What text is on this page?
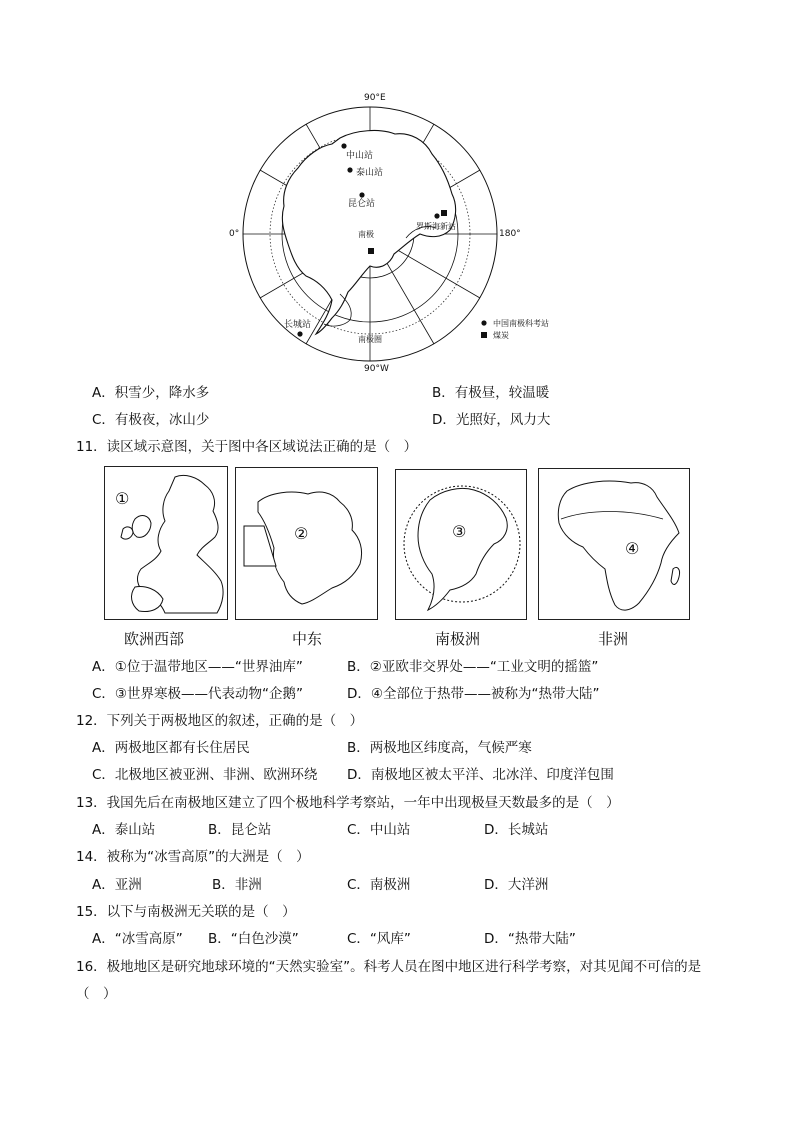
90°E
90°W
0°	180°
中山站
泰山站
昆仑站
罗斯海新站
南极
长城站
南极圈
中国南极科考站
煤炭
A．积雪少，降水多	B．有极昼，较温暖
C．有极夜，冰山少	D．光照好，风力大
11．读区域示意图，关于图中各区域说法正确的是（　）
①
欧洲西部
②
中东
③
南极洲
④
非洲
A．①位于温带地区——“世界油库”	B．②亚欧非交界处——“工业文明的摇篮”
C．③世界寒极——代表动物“企鹅”	D．④全部位于热带——被称为“热带大陆”
12．下列关于两极地区的叙述，正确的是（　）
A．两极地区都有长住居民	B．两极地区纬度高，气候严寒
C．北极地区被亚洲、非洲、欧洲环绕 D．南极地区被太平洋、北冰洋、印度洋包围
13．我国先后在南极地区建立了四个极地科学考察站，一年中出现极昼天数最多的是（　）
A．泰山站	B．昆仑站	C．中山站	D．长城站
14．被称为“冰雪高原”的大洲是（　）
A．亚洲	B．非洲	C．南极洲	D．大洋洲
15．以下与南极洲无关联的是（　）
A．“冰雪高原” B．“白色沙漠”	C．“风库”	D．“热带大陆”
16．极地地区是研究地球环境的“天然实验室”。科考人员在图中地区进行科学考察，对其见闻不可信的是
（　）
